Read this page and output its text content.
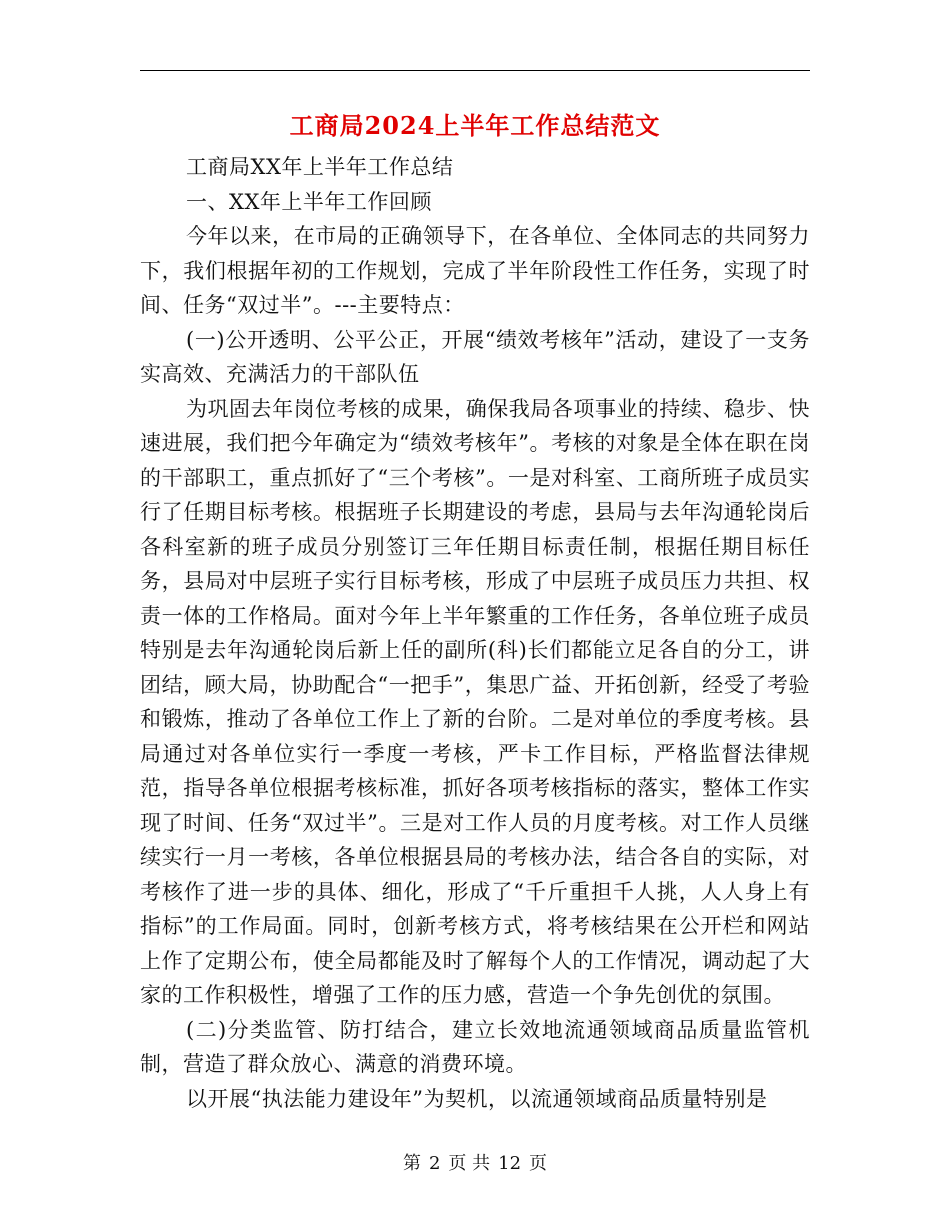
工商局2024上半年工作总结范文

工商局XX年上半年工作总结

一、XX年上半年工作回顾

今年以来，在市局的正确领导下，在各单位、全体同志的共同努力下，我们根据年初的工作规划，完成了半年阶段性工作任务，实现了时间、任务“双过半”。---主要特点：

(一)公开透明、公平公正，开展“绩效考核年”活动，建设了一支务实高效、充满活力的干部队伍

为巩固去年岗位考核的成果，确保我局各项事业的持续、稳步、快速进展，我们把今年确定为“绩效考核年”。考核的对象是全体在职在岗的干部职工，重点抓好了“三个考核”。一是对科室、工商所班子成员实行了任期目标考核。根据班子长期建设的考虑，县局与去年沟通轮岗后各科室新的班子成员分别签订三年任期目标责任制，根据任期目标任务，县局对中层班子实行目标考核，形成了中层班子成员压力共担、权责一体的工作格局。面对今年上半年繁重的工作任务，各单位班子成员特别是去年沟通轮岗后新上任的副所(科)长们都能立足各自的分工，讲团结，顾大局，协助配合“一把手”，集思广益、开拓创新，经受了考验和锻炼，推动了各单位工作上了新的台阶。二是对单位的季度考核。县局通过对各单位实行一季度一考核，严卡工作目标，严格监督法律规范，指导各单位根据考核标准，抓好各项考核指标的落实，整体工作实现了时间、任务“双过半”。三是对工作人员的月度考核。对工作人员继续实行一月一考核，各单位根据县局的考核办法，结合各自的实际，对考核作了进一步的具体、细化，形成了“千斤重担千人挑，人人身上有指标”的工作局面。同时，创新考核方式，将考核结果在公开栏和网站上作了定期公布，使全局都能及时了解每个人的工作情况，调动起了大家的工作积极性，增强了工作的压力感，营造一个争先创优的氛围。

(二)分类监管、防打结合，建立长效地流通领域商品质量监管机制，营造了群众放心、满意的消费环境。

以开展“执法能力建设年”为契机，以流通领域商品质量特别是

第 2 页 共 12 页
